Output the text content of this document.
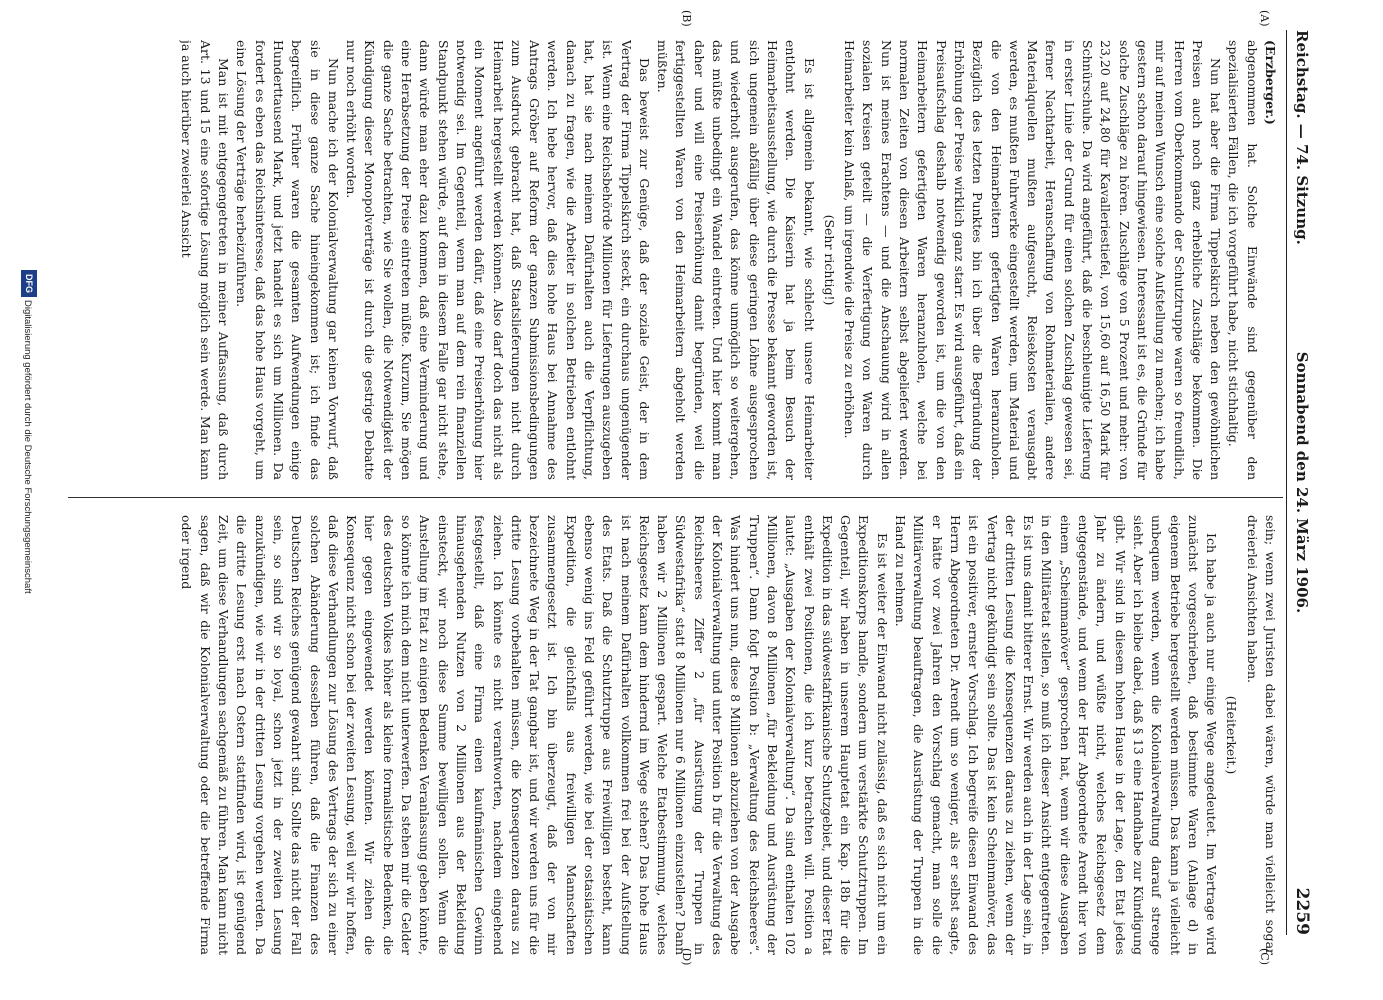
Reichstag. — 74. Sitzung.
Sonnabend den 24. März 1906.
2259
(A)
(B)
(C)
(D)

(Erzberger.)

abgenommen hat. Solche Einwände sind gegenüber den spezialisierten Fällen, die ich vorgeführt habe, nicht stichhaltig.

Nun hat aber die Firma Tippelskirch neben den gewöhnlichen Preisen auch noch ganz erhebliche Zuschläge bekommen. Die Herren vom Oberkommando der Schutztruppe waren so freundlich, mir auf meinen Wunsch eine solche Aufstellung zu machen; ich habe gestern schon darauf hingewiesen. Interessant ist es, die Gründe für solche Zuschläge zu hören. Zuschläge von 5 Prozent und mehr: von 23,20 auf 24,80 für Kavalleriestiefel, von 15,60 auf 16,50 Mark für Schnürschuhe. Da wird angeführt, daß die beschleunigte Lieferung in erster Linie der Grund für einen solchen Zuschlag gewesen sei, ferner Nachtarbeit, Heranschaffung von Rohmaterialien, andere Materialquellen mußten aufgesucht, Reisekosten verausgabt werden, es mußten Fuhrwerke eingestellt werden, um Material und die von den Heimarbeitern gefertigten Waren heranzuholen. Bezüglich des letzten Punktes bin ich über die Begründung der Erhöhung der Preise wirklich ganz starr. Es wird ausgeführt, daß ein Preisaufschlag deshalb notwendig geworden ist, um die von den Heimarbeitern gefertigten Waren heranzuholen, welche bei normalen Zeiten von diesen Arbeitern selbst abgeliefert werden. Nun ist meines Erachtens — und die Anschauung wird in allen sozialen Kreisen geteilt — die Verfertigung von Waren durch Heimarbeiter kein Anlaß, um irgendwie die Preise zu erhöhen.

(Sehr richtig!)

Es ist allgemein bekannt, wie schlecht unsere Heimarbeiter entlohnt werden. Die Kaiserin hat ja beim Besuch der Heimarbeitsausstellung, wie durch die Presse bekannt geworden ist, sich ungemein abfällig über diese geringen Löhne ausgesprochen und wiederholt ausgerufen, das könne unmöglich so weitergehen, das müßte unbedingt ein Wandel eintreten. Und hier kommt man daher und will eine Preiserhöhung damit begründen, weil die fertiggestellten Waren von den Heimarbeitern abgeholt werden müßten.

Das beweist zur Genüge, daß der soziale Geist, der in dem Vertrag der Firma Tippelskirch steckt, ein durchaus ungenügender ist. Wenn eine Reichsbehörde Millionen für Lieferungen auszugeben hat, hat sie nach meinem Dafürhalten auch die Verpflichtung, danach zu fragen, wie die Arbeiter in solchen Betrieben entlohnt werden. Ich hebe hervor, daß dies hohe Haus bei Annahme des Antrags Gröber auf Reform der ganzen Submissionsbedingungen zum Ausdruck gebracht hat, daß Staatslieferungen nicht durch Heimarbeit hergestellt werden können. Also darf doch das nicht als ein Moment angeführt werden dafür, daß eine Preiserhöhung hier notwendig sei. Im Gegenteil, wenn man auf dem rein finanziellen Standpunkt stehen würde, auf dem in diesem Falle gar nicht stehe, dann würde man eher dazu kommen, daß eine Verminderung und eine Herabsetzung der Preise eintreten müßte. Kurzum, Sie mögen die ganze Sache betrachten, wie Sie wollen, die Notwendigkeit der Kündigung dieser Monopolverträge ist durch die gestrige Debatte nur noch erhöht worden.

Nun mache ich der Kolonialverwaltung gar keinen Vorwurf, daß sie in diese ganze Sache hineingekommen ist; ich finde das begreiflich. Früher waren die gesamten Aufwendungen einige Hunderttausend Mark, und jetzt handelt es sich um Millionen. Da fordert es eben das Reichsinteresse, daß das hohe Haus vorgeht, um eine Lösung der Verträge herbeizuführen.

Man ist mit entgegengetreten in meiner Auffassung, daß durch Art. 13 und 15 eine sofortige Lösung möglich sein werde. Man kann ja auch hierüber zweierlei Ansicht

sein; wenn zwei Juristen dabei wären, würde man vielleicht sogar dreierlei Ansichten haben.

(Heiterkeit.)

Ich habe ja auch nur einige Wege angedeutet. Im Vertrage wird zunächst vorgeschrieben, daß bestimmte Waren (Anlage d) in eigenem Betriebe hergestellt werden müssen. Das kann ja vielleicht unbequem werden, wenn die Kolonialverwaltung darauf strenge sieht. Aber ich bleibe dabei, daß § 13 eine Handhabe zur Kündigung gibt. Wir sind in diesem hohen Hause in der Lage, den Etat jedes Jahr zu ändern, und wüßte nicht, welches Reichsgesetz dem entgegenstände, und wenn der Herr Abgeordnete Arendt hier von einem „Scheinmanöver“ gesprochen hat, wenn wir diese Ausgaben in den Militäretat stellen, so muß ich dieser Ansicht entgegentreten. Es ist uns damit bitterer Ernst. Wir werden auch in der Lage sein, in der dritten Lesung die Konsequenzen daraus zu ziehen, wenn der Vertrag nicht gekündigt sein sollte. Das ist kein Scheinmanöver, das ist ein positiver, ernster Vorschlag. Ich begreife diesen Einwand des Herrn Abgeordneten Dr. Arendt um so weniger, als er selbst sagte, er hätte vor zwei Jahren den Vorschlag gemacht, man solle die Militärverwaltung beauftragen, die Ausrüstung der Truppen in die Hand zu nehmen.

Es ist weiter der Einwand nicht zulässig, daß es sich nicht um ein Expeditionskorps handle, sondern um verstärkte Schutztruppen. Im Gegenteil, wir haben in unserem Hauptetat ein Kap. 18b für die Expedition in das südwestafrikanische Schutzgebiet, und dieser Etat enthält zwei Positionen, die ich kurz betrachten will. Position a lautet: „Ausgaben der Kolonialverwaltung“. Da sind enthalten 102 Millionen, davon 8 Millionen „für Bekleidung und Ausrüstung der Truppen“. Dann folgt Position b: „Verwaltung des Reichsheeres“. Was hindert uns nun, diese 8 Millionen abzuziehen von der Ausgabe der Kolonialverwaltung und unter Position b für die Verwaltung des Reichsheeres Ziffer 2 „für Ausrüstung der Truppen in Südwestafrika“ statt 8 Millionen nur 6 Millionen einzustellen? Dann haben wir 2 Millionen gespart. Welche Etatbestimmung, welches Reichsgesetz kann dem hindernd im Wege stehen? Das hohe Haus ist nach meinem Dafürhalten vollkommen frei bei der Aufstellung des Etats. Daß die Schutztruppe aus Freiwilligen besteht, kann ebenso wenig ins Feld geführt werden, wie bei der ostasiatischen Expedition, die gleichfalls aus freiwilligen Mannschaften zusammengesetzt ist. Ich bin überzeugt, daß der von mir bezeichnete Weg in der Tat gangbar ist, und wir werden uns für die dritte Lesung vorbehalten müssen, die Konsequenzen daraus zu ziehen. Ich könnte es nicht verantworten, nachdem eingehend festgestellt, daß eine Firma einen kaufmännischen Gewinn hinausgehenden Nutzen von 2 Millionen aus der Bekleidung einsteckt, wir noch diese Summe bewilligen sollen. Wenn die Anstellung im Etat zu einigen Bedenken Veranlassung geben könnte, so könnte ich mich dem nicht unterwerfen. Da stehen mir die Gelder des deutschen Volkes höher als kleine formalistische Bedenken, die hier gegen eingewendet werden könnten. Wir ziehen die Konsequenz nicht schon bei der zweiten Lesung, weil wir wir hoffen, daß diese Verhandlungen zur Lösung des Vertrags der sich zu einer solchen Abänderung desselben führen, daß die Finanzen des Deutschen Reiches genügend gewahrt sind. Sollte das nicht der Fall sein, so sind wir so loyal, schon jetzt in der zweiten Lesung anzukündigen, wie wir in der dritten Lesung vorgehen werden. Da die dritte Lesung erst nach Ostern stattfinden wird, ist genügend Zeit, um diese Verhandlungen sachgemäß zu führen. Man kann nicht sagen, daß wir die Kolonialverwaltung oder die betreffende Firma oder irgend

DFG
Digitalisierung gefördert durch die Deutsche Forschungsgemeinschaft
